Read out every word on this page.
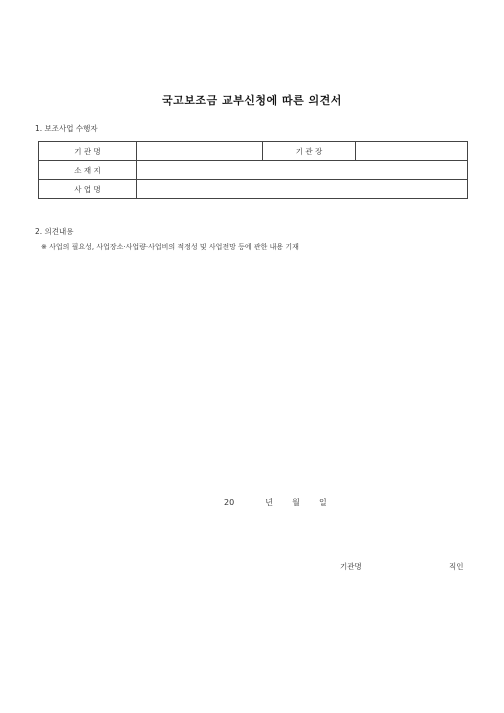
국고보조금 교부신청에 따른 의견서
1. 보조사업 수행자
기 관 명		기 관 장	
소 재 지			
사 업 명			
2. 의견내용
※ 사업의 필요성, 사업장소·사업량·사업비의 적정성 및 사업전망 등에 관한 내용 기재
20	년 월 일
기관명	직인
